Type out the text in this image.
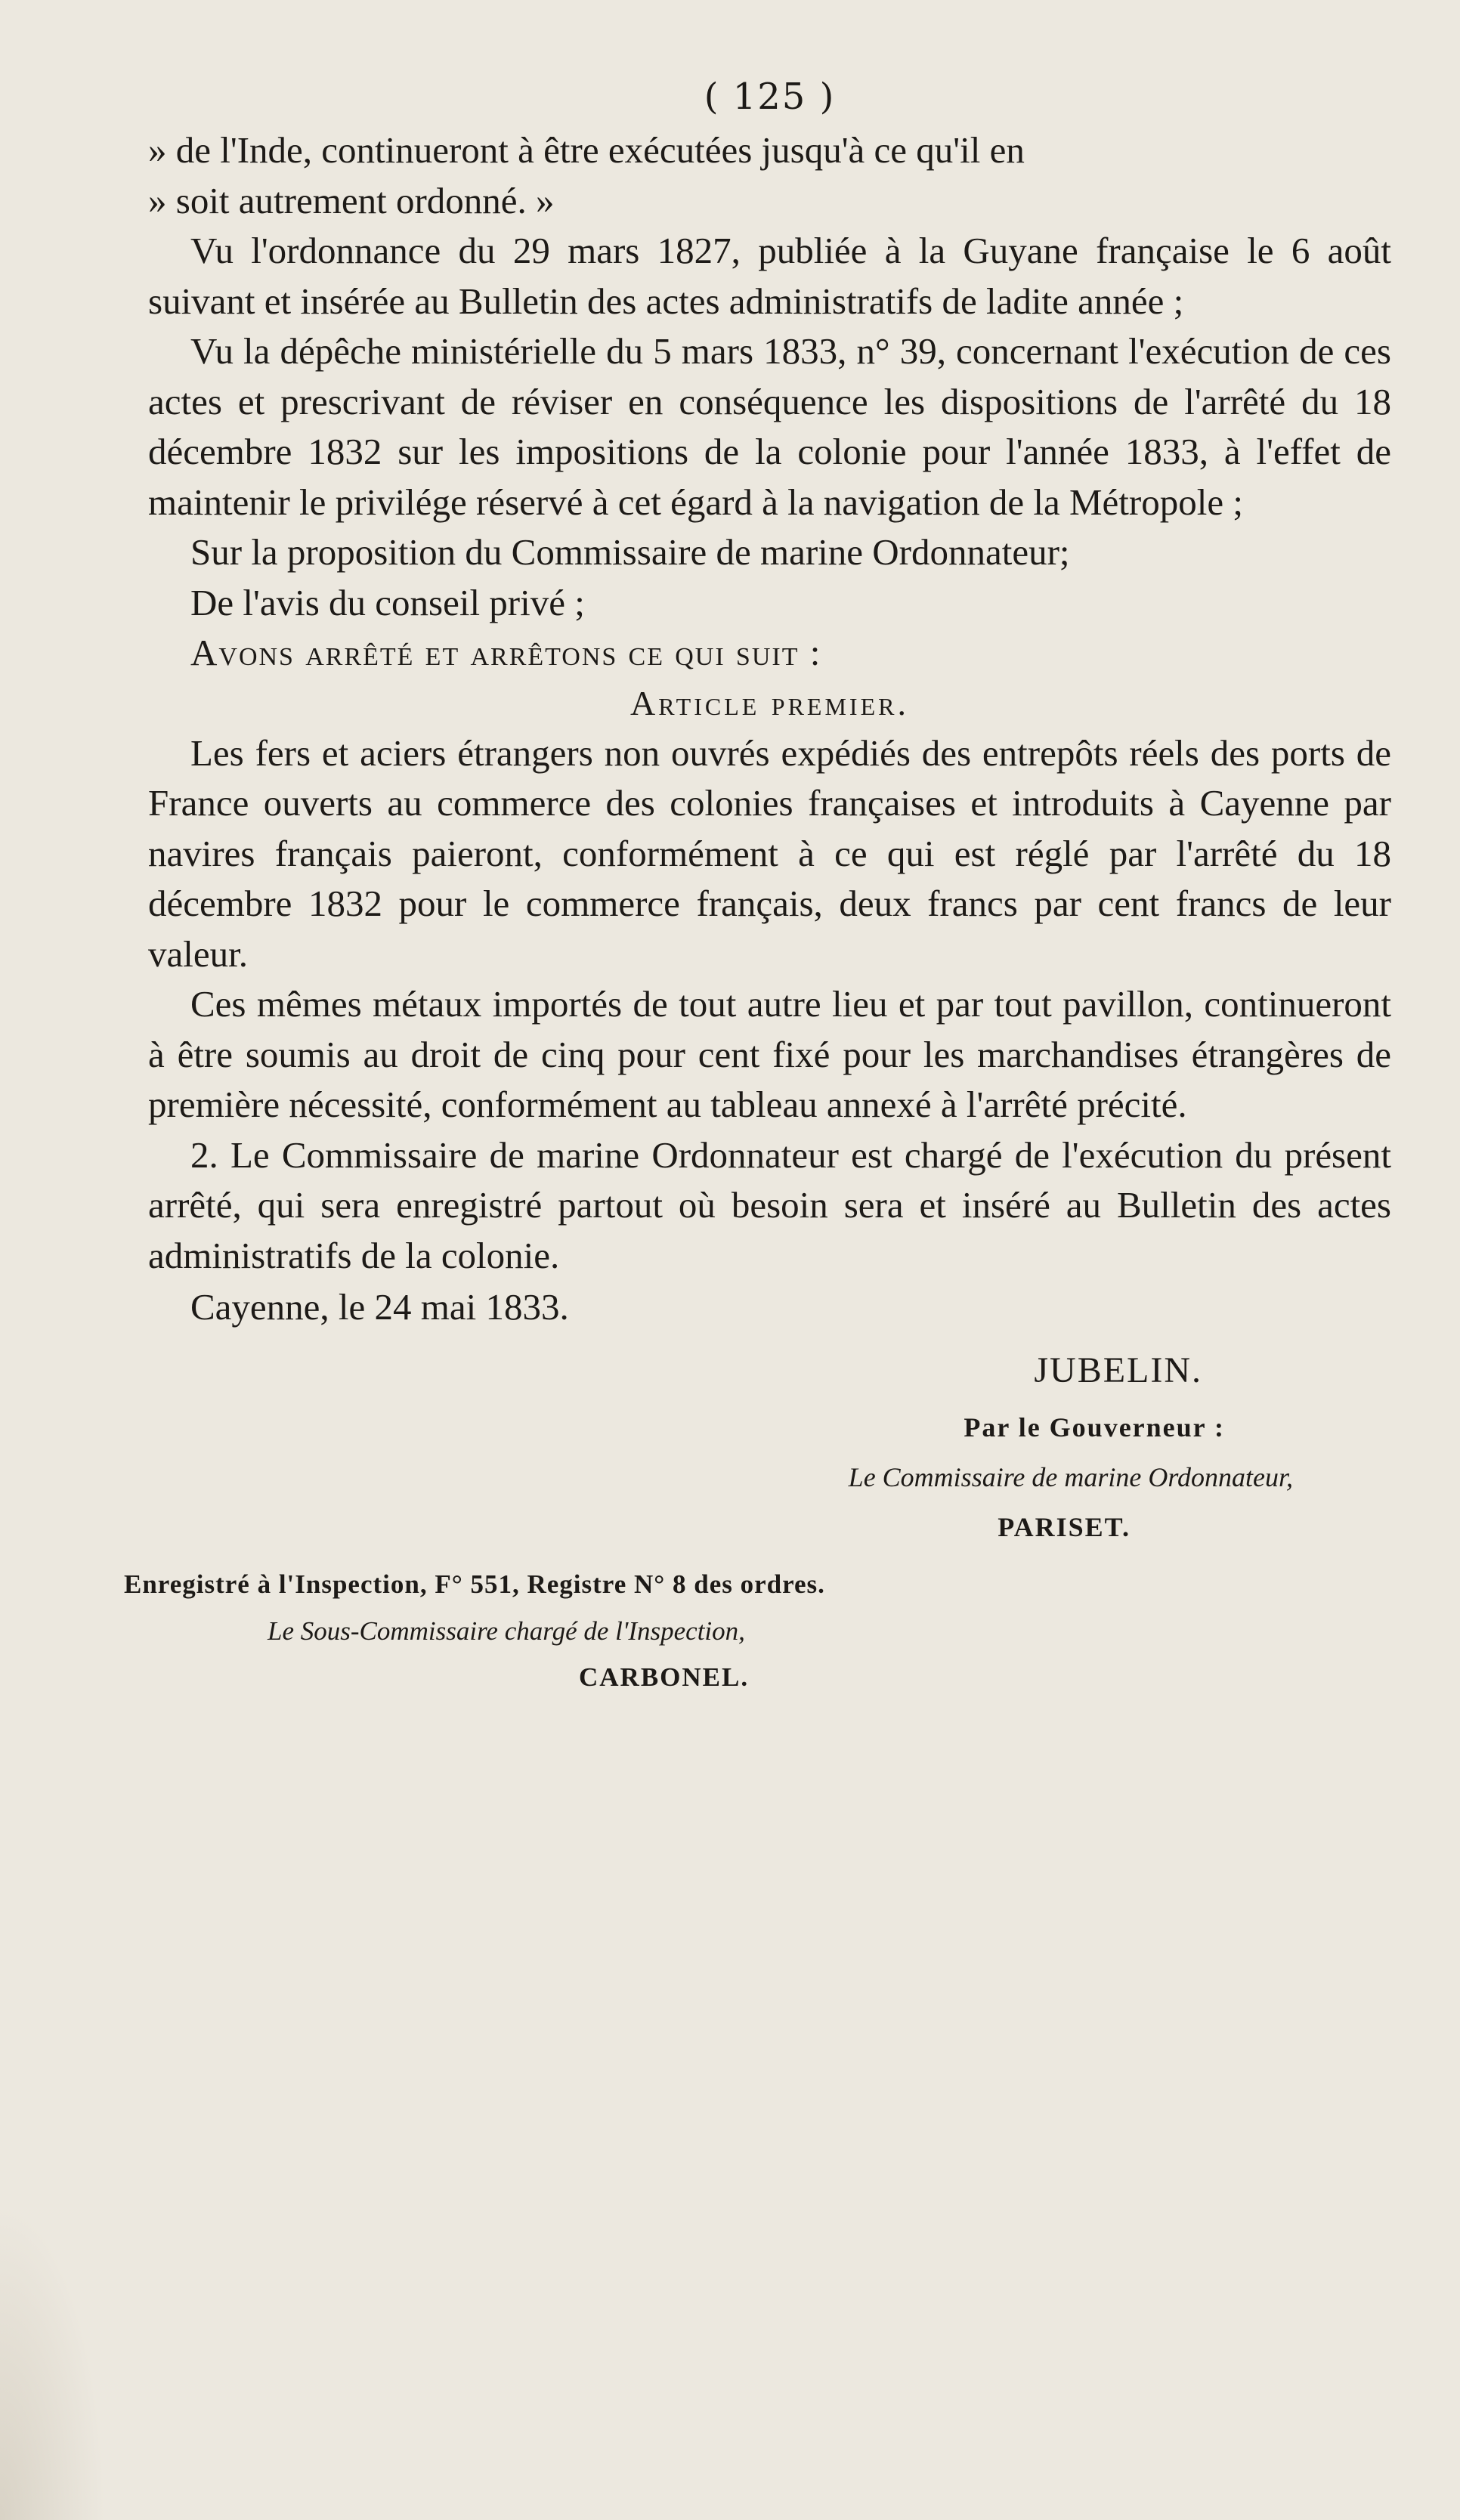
( 125 )

» de l'Inde, continueront à être exécutées jusqu'à ce qu'il en

» soit autrement ordonné. »

Vu l'ordonnance du 29 mars 1827, publiée à la Guyane française le 6 août suivant et insérée au Bulletin des actes administratifs de ladite année ;

Vu la dépêche ministérielle du 5 mars 1833, n° 39, concernant l'exécution de ces actes et prescrivant de réviser en conséquence les dispositions de l'arrêté du 18 décembre 1832 sur les impositions de la colonie pour l'année 1833, à l'effet de maintenir le privilége réservé à cet égard à la navigation de la Métropole ;

Sur la proposition du Commissaire de marine Ordonnateur;

De l'avis du conseil privé ;

Avons arrêté et arrêtons ce qui suit :

Article premier.

Les fers et aciers étrangers non ouvrés expédiés des entrepôts réels des ports de France ouverts au commerce des colonies françaises et introduits à Cayenne par navires français paieront, conformément à ce qui est réglé par l'arrêté du 18 décembre 1832 pour le commerce français, deux francs par cent francs de leur valeur.

Ces mêmes métaux importés de tout autre lieu et par tout pavillon, continueront à être soumis au droit de cinq pour cent fixé pour les marchandises étrangères de première nécessité, conformément au tableau annexé à l'arrêté précité.

2. Le Commissaire de marine Ordonnateur est chargé de l'exécution du présent arrêté, qui sera enregistré partout où besoin sera et inséré au Bulletin des actes administratifs de la colonie.

Cayenne, le 24 mai 1833.

JUBELIN.

Par le Gouverneur :

Le Commissaire de marine Ordonnateur,

PARISET.

Enregistré à l'Inspection, F° 551, Registre N° 8 des ordres.

Le Sous-Commissaire chargé de l'Inspection,

CARBONEL.
